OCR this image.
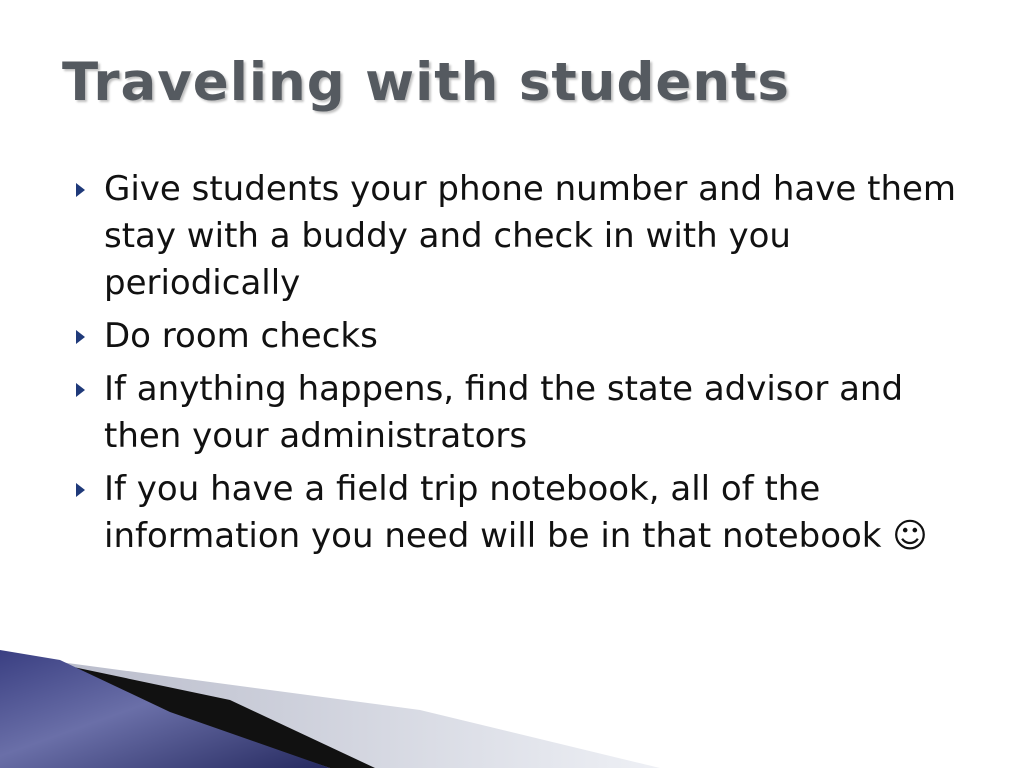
Traveling with students
Give students your phone number and have them stay with a buddy and check in with you periodically
Do room checks
If anything happens, find the state advisor and then your administrators
If you have a field trip notebook, all of the information you need will be in that notebook ☺
